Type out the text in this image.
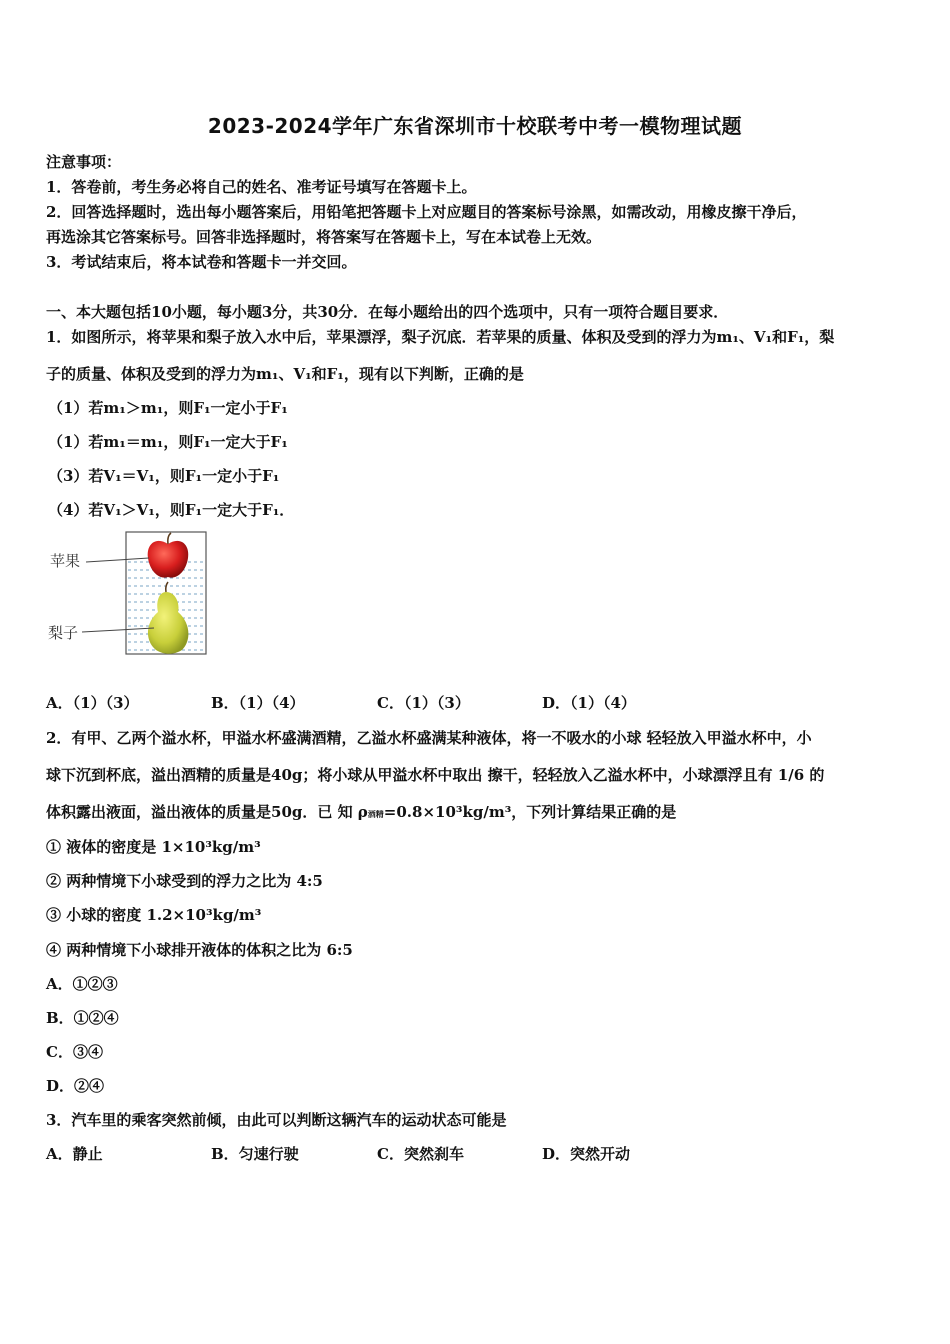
2023-2024学年广东省深圳市十校联考中考一模物理试题
注意事项：
1．答卷前，考生务必将自己的姓名、准考证号填写在答题卡上。
2．回答选择题时，选出每小题答案后，用铅笔把答题卡上对应题目的答案标号涂黑，如需改动，用橡皮擦干净后，
再选涂其它答案标号。回答非选择题时，将答案写在答题卡上，写在本试卷上无效。
3．考试结束后，将本试卷和答题卡一并交回。
一、本大题包括10小题，每小题3分，共30分．在每小题给出的四个选项中，只有一项符合题目要求．
1．如图所示，将苹果和梨子放入水中后，苹果漂浮，梨子沉底．若苹果的质量、体积及受到的浮力为m₁、V₁和F₁，梨
子的质量、体积及受到的浮力为m₁、V₁和F₁，现有以下判断，正确的是
（1）若m₁＞m₁，则F₁一定小于F₁
（1）若m₁＝m₁，则F₁一定大于F₁
（3）若V₁＝V₁，则F₁一定小于F₁
（4）若V₁＞V₁，则F₁一定大于F₁．
苹果
梨子
A．（1）（3）	B．（1）（4）	C．（1）（3）	D．（1）（4）
2．有甲、乙两个溢水杯，甲溢水杯盛满酒精，乙溢水杯盛满某种液体，将一不吸水的小球 轻轻放入甲溢水杯中，小
球下沉到杯底，溢出酒精的质量是40g；将小球从甲溢水杯中取出 擦干，轻轻放入乙溢水杯中，小球漂浮且有 1/6 的
体积露出液面，溢出液体的质量是50g．已 知 ρ酒精=0.8×10³kg/m³，下列计算结果正确的是
① 液体的密度是 1×10³kg/m³
② 两种情境下小球受到的浮力之比为 4:5
③ 小球的密度 1.2×10³kg/m³
④ 两种情境下小球排开液体的体积之比为 6:5
A．①②③
B．①②④
C．③④
D．②④
3．汽车里的乘客突然前倾，由此可以判断这辆汽车的运动状态可能是
A．静止	B．匀速行驶	C．突然刹车	D．突然开动
